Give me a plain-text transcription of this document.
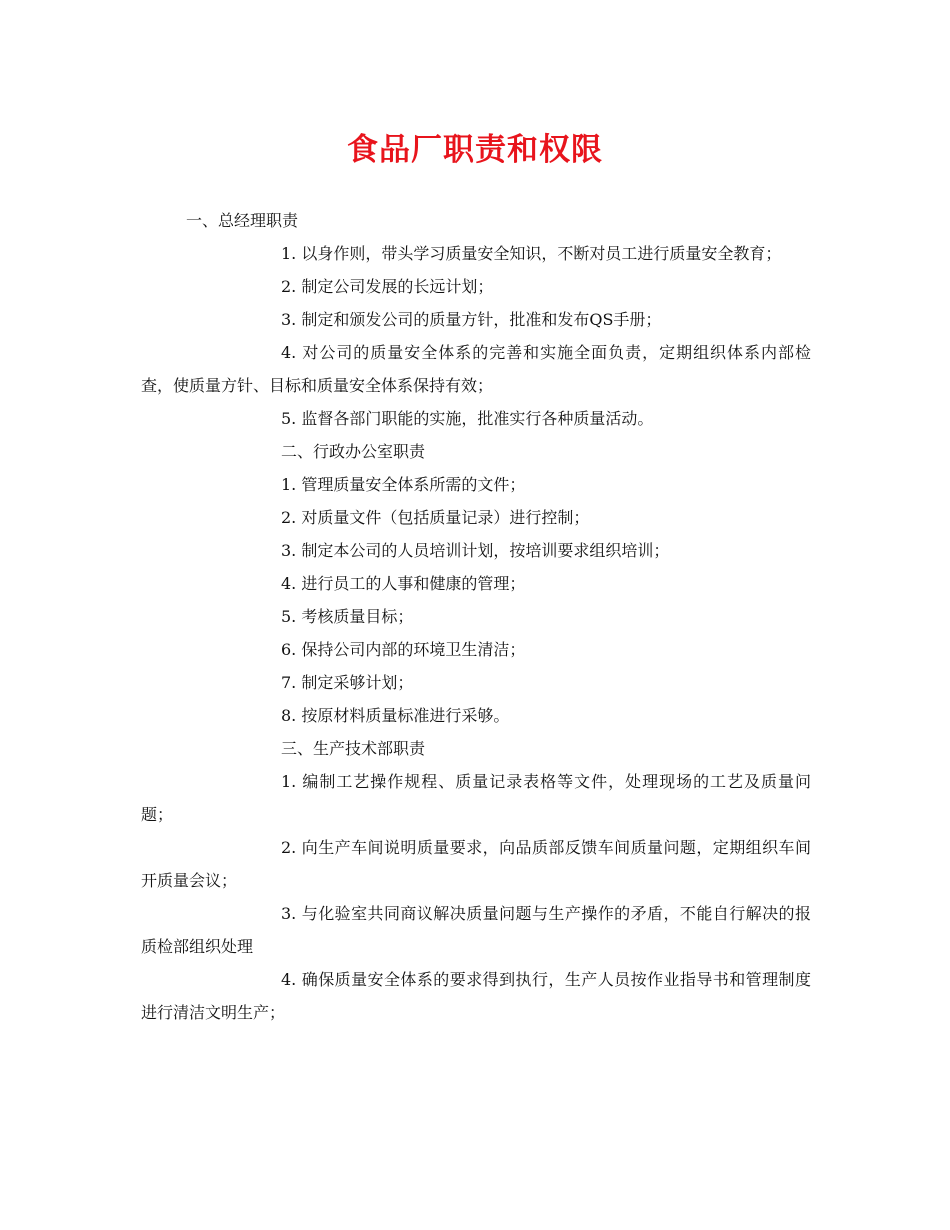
食品厂职责和权限
一、总经理职责
1. 以身作则，带头学习质量安全知识，不断对员工进行质量安全教育；
2. 制定公司发展的长远计划；
3. 制定和颁发公司的质量方针，批准和发布QS手册；
4. 对公司的质量安全体系的完善和实施全面负责，定期组织体系内部检查，使质量方针、目标和质量安全体系保持有效；
5. 监督各部门职能的实施，批准实行各种质量活动。
二、行政办公室职责
1. 管理质量安全体系所需的文件；
2. 对质量文件（包括质量记录）进行控制；
3. 制定本公司的人员培训计划，按培训要求组织培训；
4. 进行员工的人事和健康的管理；
5. 考核质量目标；
6. 保持公司内部的环境卫生清洁；
7. 制定采够计划；
8. 按原材料质量标准进行采够。
三、生产技术部职责
1. 编制工艺操作规程、质量记录表格等文件，处理现场的工艺及质量问题；
2. 向生产车间说明质量要求，向品质部反馈车间质量问题，定期组织车间开质量会议；
3. 与化验室共同商议解决质量问题与生产操作的矛盾，不能自行解决的报质检部组织处理
4. 确保质量安全体系的要求得到执行，生产人员按作业指导书和管理制度进行清洁文明生产；
